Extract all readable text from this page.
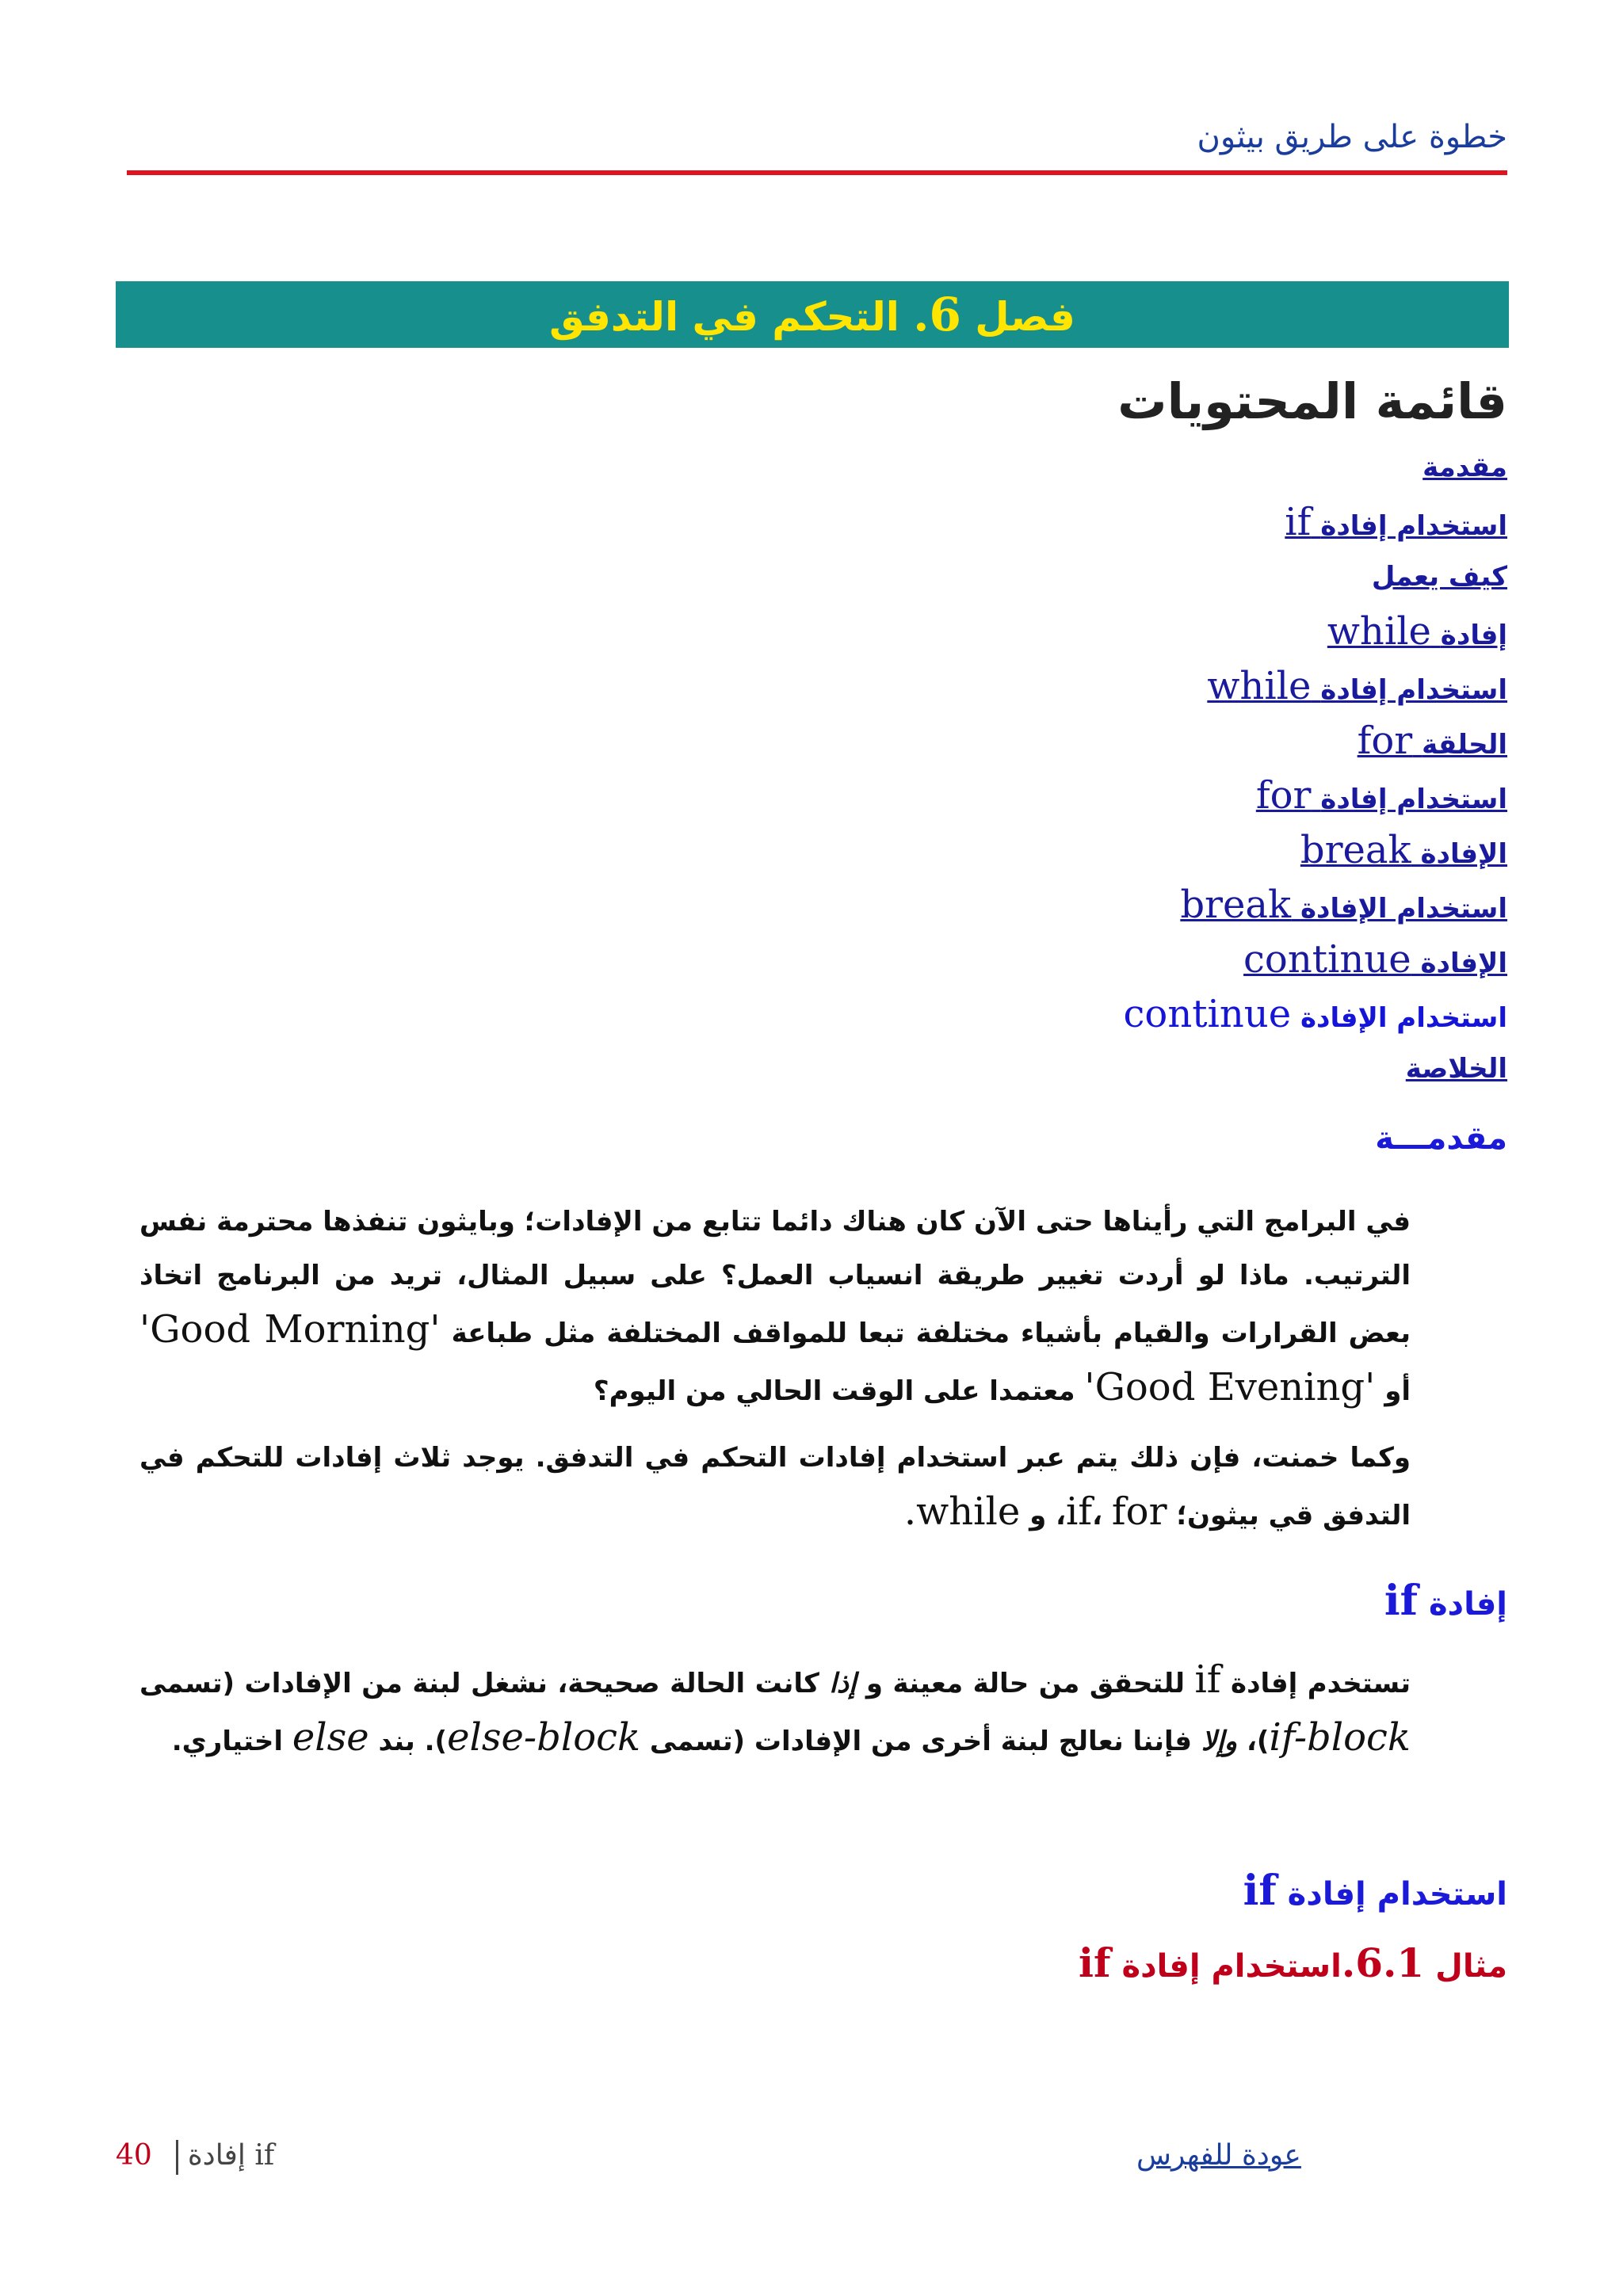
خطوة على طريق بيثون
فصل 6. التحكم في التدفق
قائمة المحتويات
مقدمة
استخدام إفادة if
كيف يعمل
إفادة while
استخدام إفادة while
الحلقة for
استخدام إفادة for
الإفادة break
استخدام الإفادة break
الإفادة continue
استخدام الإفادة continue
الخلاصة
مقدمـــة

في البرامج التي رأيناها حتى الآن كان هناك دائما تتابع من الإفادات؛ وبايثون تنفذها محترمة نفس الترتيب. ماذا لو أردت تغيير طريقة انسياب العمل؟ على سبيل المثال، تريد من البرنامج اتخاذ بعض القرارات والقيام بأشياء مختلفة تبعا للمواقف المختلفة مثل طباعة 'Good Morning' أو 'Good Evening' معتمدا على الوقت الحالي من اليوم؟

وكما خمنت، فإن ذلك يتم عبر استخدام إفادات التحكم في التدفق. يوجد ثلاث إفادات للتحكم في التدفق قي بيثون؛ if، for، و while.

إفادة if

تستخدم إفادة if للتحقق من حالة معينة و إذا كانت الحالة صحيحة، نشغل لبنة من الإفادات (تسمى if-block)، وإلا فإننا نعالج لبنة أخرى من الإفادات (تسمى else-block). بند else اختياري.

استخدام إفادة if
مثال 6.1.استخدام إفادة if
40 إفادة if	عودة للفهرس
